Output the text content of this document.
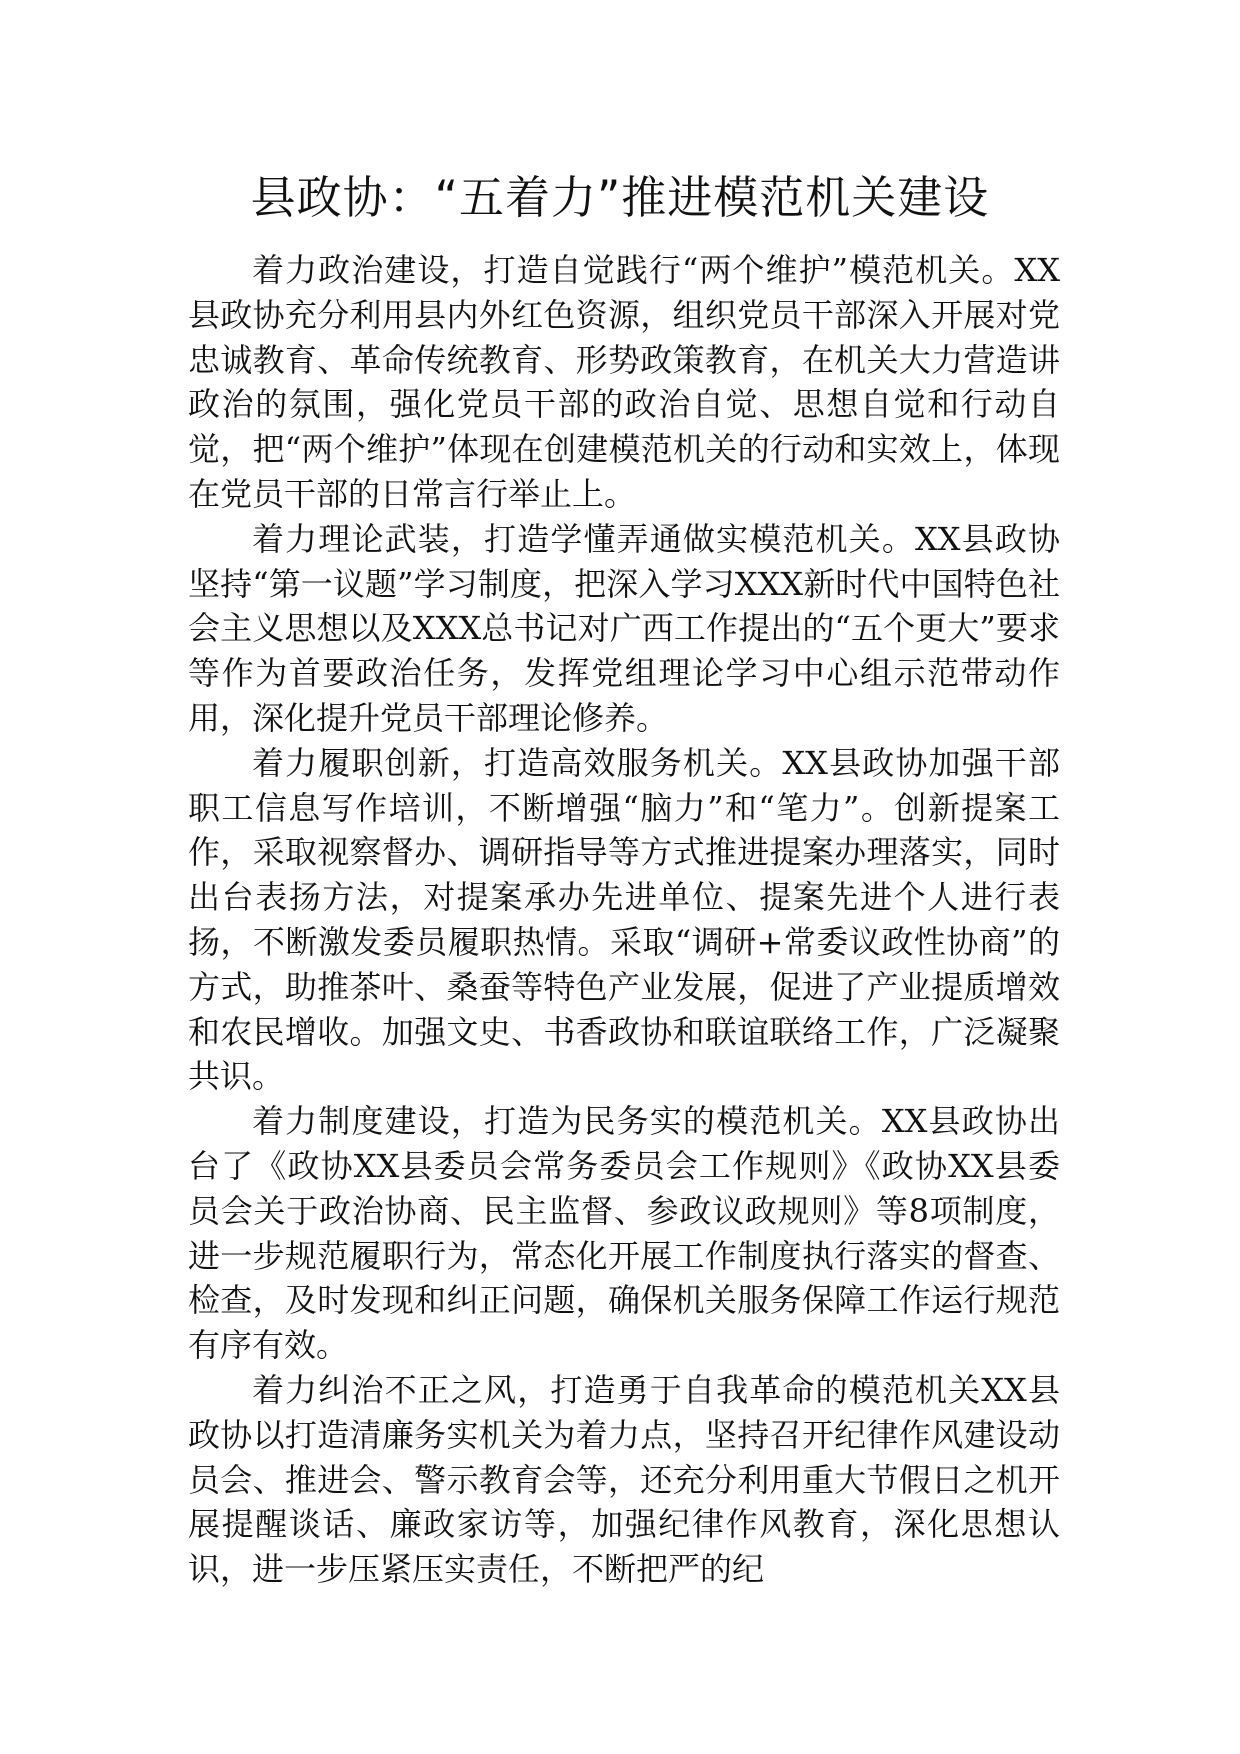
县政协：“五着力”推进模范机关建设

着力政治建设，打造自觉践行“两个维护”模范机关。XX县政协充分利用县内外红色资源，组织党员干部深入开展对党忠诚教育、革命传统教育、形势政策教育，在机关大力营造讲政治的氛围，强化党员干部的政治自觉、思想自觉和行动自觉，把“两个维护”体现在创建模范机关的行动和实效上，体现在党员干部的日常言行举止上。

着力理论武装，打造学懂弄通做实模范机关。XX县政协坚持“第一议题”学习制度，把深入学习XXX新时代中国特色社会主义思想以及XXX总书记对广西工作提出的“五个更大”要求等作为首要政治任务，发挥党组理论学习中心组示范带动作用，深化提升党员干部理论修养。

着力履职创新，打造高效服务机关。XX县政协加强干部职工信息写作培训，不断增强“脑力”和“笔力”。创新提案工作，采取视察督办、调研指导等方式推进提案办理落实，同时出台表扬方法，对提案承办先进单位、提案先进个人进行表扬，不断激发委员履职热情。采取“调研+常委议政性协商”的方式，助推茶叶、桑蚕等特色产业发展，促进了产业提质增效和农民增收。加强文史、书香政协和联谊联络工作，广泛凝聚共识。

着力制度建设，打造为民务实的模范机关。XX县政协出台了《政协XX县委员会常务委员会工作规则》《政协XX县委员会关于政治协商、民主监督、参政议政规则》等8项制度，进一步规范履职行为，常态化开展工作制度执行落实的督查、检查，及时发现和纠正问题，确保机关服务保障工作运行规范有序有效。

着力纠治不正之风，打造勇于自我革命的模范机关XX县政协以打造清廉务实机关为着力点，坚持召开纪律作风建设动员会、推进会、警示教育会等，还充分利用重大节假日之机开展提醒谈话、廉政家访等，加强纪律作风教育，深化思想认识，进一步压紧压实责任，不断把严的纪
